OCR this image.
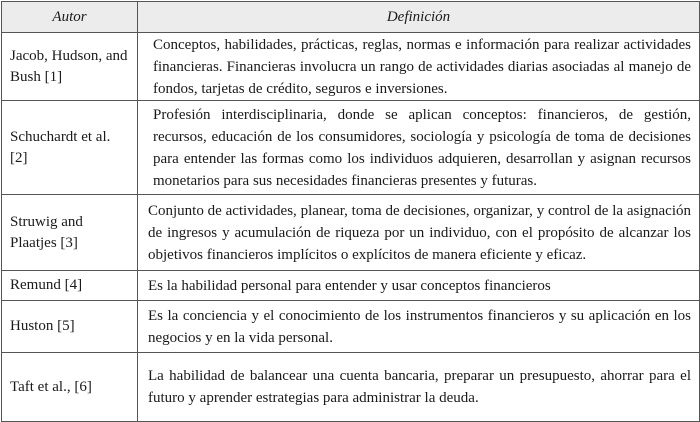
Autor	Definición
Jacob, Hudson, and Bush [1]	Conceptos, habilidades, prácticas, reglas, normas e información para realizar actividades financieras. Financieras involucra un rango de actividades diarias asociadas al manejo de fondos, tarjetas de crédito, seguros e inversiones.
Schuchardt et al. [2]	Profesión interdisciplinaria, donde se aplican conceptos: financieros, de gestión, recursos, educación de los consumidores, sociología y psicología de toma de decisiones para entender las formas como los individuos adquieren, desarrollan y asignan recursos monetarios para sus necesidades financieras presentes y futuras.
Struwig and Plaatjes [3]	Conjunto de actividades, planear, toma de decisiones, organizar, y control de la asignación de ingresos y acumulación de riqueza por un individuo, con el propósito de alcanzar los objetivos financieros implícitos o explícitos de manera eficiente y eficaz.
Remund [4]	Es la habilidad personal para entender y usar conceptos financieros
Huston [5]	Es la conciencia y el conocimiento de los instrumentos financieros y su aplicación en los negocios y en la vida personal.
Taft et al., [6]	La habilidad de balancear una cuenta bancaria, preparar un presupuesto, ahorrar para el futuro y aprender estrategias para administrar la deuda.
